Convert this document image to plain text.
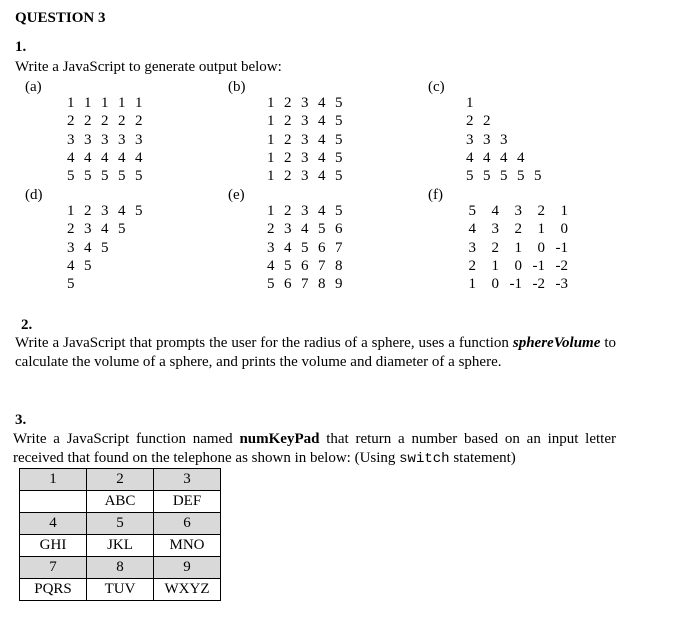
QUESTION 3
1.
Write a JavaScript to generate output below:
(a)
1 1 1 1 1
2 2 2 2 2
3 3 3 3 3
4 4 4 4 4
5 5 5 5 5
(b)
1 2 3 4 5
1 2 3 4 5
1 2 3 4 5
1 2 3 4 5
1 2 3 4 5
(c)
1
2 2
3 3 3
4 4 4 4
5 5 5 5 5
(d)
1 2 3 4 5
2 3 4 5
3 4 5
4 5
5
(e)
1 2 3 4 5
2 3 4 5 6
3 4 5 6 7
4 5 6 7 8
5 6 7 8 9
(f)
5	4	3	2	1
4	3	2	1	0
3	2	1	0 -1
2	1	0 -1 -2
1	0 -1 -2 -3
2.
Write a JavaScript that prompts the user for the radius of a sphere, uses a function sphereVolume to calculate the volume of a sphere, and prints the volume and diameter of a sphere.
3.
Write a JavaScript function named numKeyPad that return a number based on an input letter received that found on the telephone as shown in below: (Using switch statement)
1	2	3
	ABC	DEF
4	5	6
GHI	JKL	MNO
7	8	9
PQRS	TUV	WXYZ
